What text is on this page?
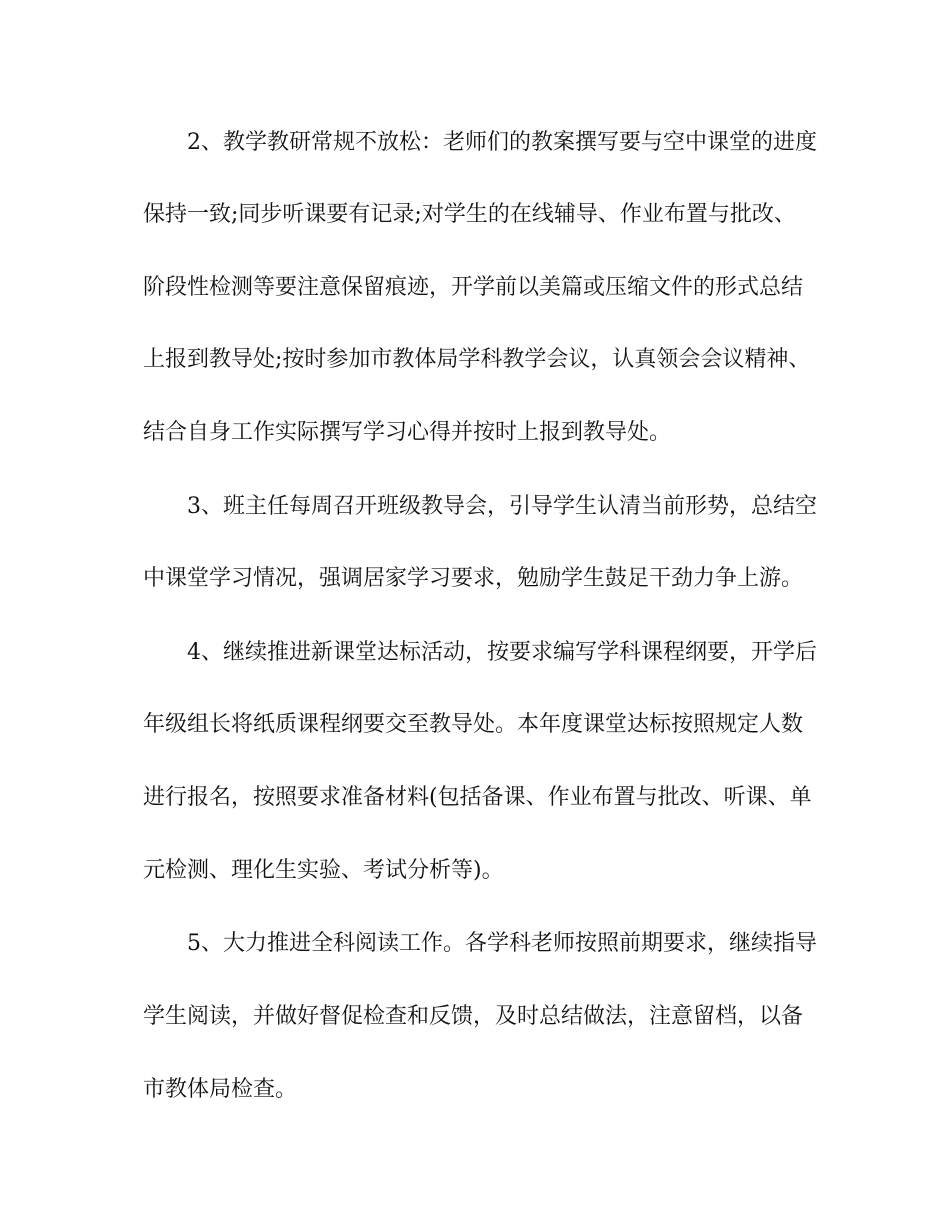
2、教学教研常规不放松：老师们的教案撰写要与空中课堂的进度
保持一致;同步听课要有记录;对学生的在线辅导、作业布置与批改、
阶段性检测等要注意保留痕迹，开学前以美篇或压缩文件的形式总结
上报到教导处;按时参加市教体局学科教学会议，认真领会会议精神、
结合自身工作实际撰写学习心得并按时上报到教导处。
3、班主任每周召开班级教导会，引导学生认清当前形势，总结空
中课堂学习情况，强调居家学习要求，勉励学生鼓足干劲力争上游。
4、继续推进新课堂达标活动，按要求编写学科课程纲要，开学后
年级组长将纸质课程纲要交至教导处。本年度课堂达标按照规定人数
进行报名，按照要求准备材料(包括备课、作业布置与批改、听课、单
元检测、理化生实验、考试分析等)。
5、大力推进全科阅读工作。各学科老师按照前期要求，继续指导
学生阅读，并做好督促检查和反馈，及时总结做法，注意留档，以备
市教体局检查。
